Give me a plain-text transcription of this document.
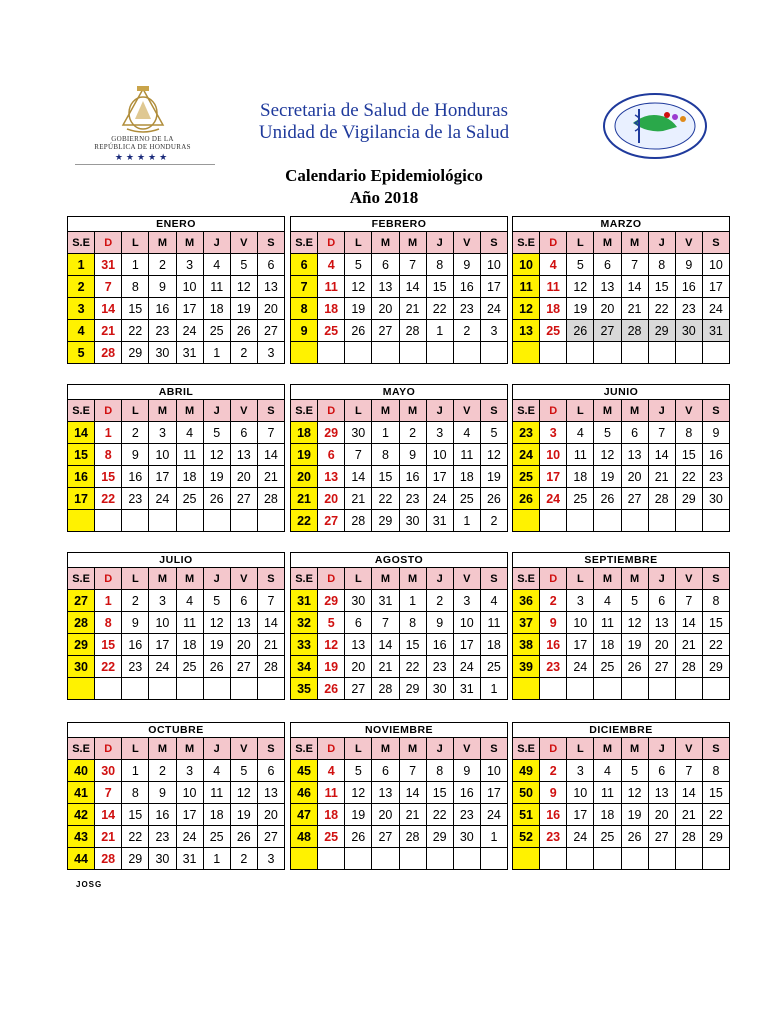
GOBIERNO DE LA
REPÚBLICA DE HONDURAS
★★★★★
Secretaria de Salud de Honduras
Unidad de Vigilancia de la Salud
Calendario Epidemiológico
Año 2018
ENERO							
S.E	D	L	M	M	J	V	S
1	31	1	2	3	4	5	6
2	7	8	9	10	11	12	13
3	14	15	16	17	18	19	20
4	21	22	23	24	25	26	27
5	28	29	30	31	1	2	3
FEBRERO							
S.E	D	L	M	M	J	V	S
6	4	5	6	7	8	9	10
7	11	12	13	14	15	16	17
8	18	19	20	21	22	23	24
9	25	26	27	28	1	2	3

MARZO							
S.E	D	L	M	M	J	V	S
10	4	5	6	7	8	9	10
11	11	12	13	14	15	16	17
12	18	19	20	21	22	23	24
13	25	26	27	28	29	30	31

ABRIL							
S.E	D	L	M	M	J	V	S
14	1	2	3	4	5	6	7
15	8	9	10	11	12	13	14
16	15	16	17	18	19	20	21
17	22	23	24	25	26	27	28

MAYO							
S.E	D	L	M	M	J	V	S
18	29	30	1	2	3	4	5
19	6	7	8	9	10	11	12
20	13	14	15	16	17	18	19
21	20	21	22	23	24	25	26
22	27	28	29	30	31	1	2
JUNIO							
S.E	D	L	M	M	J	V	S
23	3	4	5	6	7	8	9
24	10	11	12	13	14	15	16
25	17	18	19	20	21	22	23
26	24	25	26	27	28	29	30

JULIO							
S.E	D	L	M	M	J	V	S
27	1	2	3	4	5	6	7
28	8	9	10	11	12	13	14
29	15	16	17	18	19	20	21
30	22	23	24	25	26	27	28

AGOSTO							
S.E	D	L	M	M	J	V	S
31	29	30	31	1	2	3	4
32	5	6	7	8	9	10	11
33	12	13	14	15	16	17	18
34	19	20	21	22	23	24	25
35	26	27	28	29	30	31	1
SEPTIEMBRE							
S.E	D	L	M	M	J	V	S
36	2	3	4	5	6	7	8
37	9	10	11	12	13	14	15
38	16	17	18	19	20	21	22
39	23	24	25	26	27	28	29

OCTUBRE							
S.E	D	L	M	M	J	V	S
40	30	1	2	3	4	5	6
41	7	8	9	10	11	12	13
42	14	15	16	17	18	19	20
43	21	22	23	24	25	26	27
44	28	29	30	31	1	2	3
NOVIEMBRE							
S.E	D	L	M	M	J	V	S
45	4	5	6	7	8	9	10
46	11	12	13	14	15	16	17
47	18	19	20	21	22	23	24
48	25	26	27	28	29	30	1

DICIEMBRE							
S.E	D	L	M	M	J	V	S
49	2	3	4	5	6	7	8
50	9	10	11	12	13	14	15
51	16	17	18	19	20	21	22
52	23	24	25	26	27	28	29

JOSG
